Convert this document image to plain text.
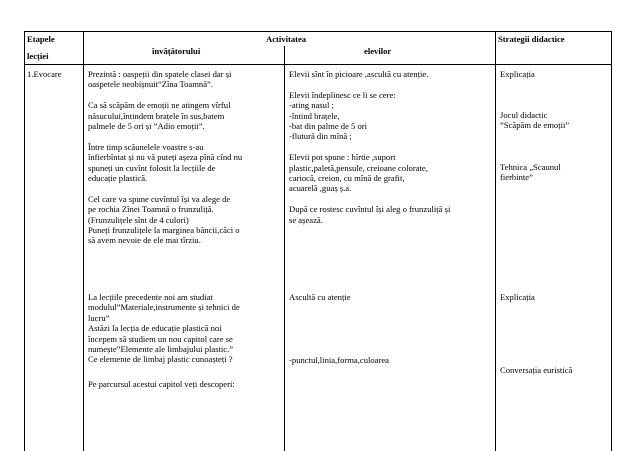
Etapele
lecției
Activitatea
învățătorului	elevilor
Strategii didactice
1.Evocare	Prezintă : oaspeții din spatele clasei dar și
oaspetele neobișnuit”Zîna Toamnă”.
Ca să scăpăm de emoții ne atingem vîrful
năsucului,întindem brațele în sus,batem
palmele de 5 ori și ”Adio emoții”.
Între timp scăunelele voastre s-au
înfierbîntat și nu vă puteți așeza pînă cînd nu
spuneți un cuvînt folosit la lecțiile de
educație plastică.
Cel care va spune cuvîntul își va alege de
pe rochia Zînei Toamnă o frunzuliță.
(Frunzulițele sînt de 4 culori)
Puneți frunzulițele la marginea băncii,căci o
să avem nevoie de ele mai tîrziu.
La lecțiile precedente noi am studiat
modulul”Materiale,instrumente și tehnici de
lucru”
Astăzi la lecția de educație plastică noi
începem să studiem un nou capitol care se
numește”Elemente ale limbajului plastic.”
Ce elemente de limbaj plastic cunoașteți ?
Pe parcursul acestui capitol veți descoperi:
Elevii sînt în picioare ,ascultă cu atenție.
Elevii îndeplinesc ce li se cere:
-ating nasul ;
-întind brațele,
-bat din palme de 5 ori
-flutură din mînă ;
Elevii pot spune : hîrtie ,suport
plastic,paletă,pensule, creioane colorate,
cariocă, creion, cu mînă de grafit,
acuarelă ,guaș ș.a.
După ce rostesc cuvîntul își aleg o frunzuliță și
se așează.
Ascultă cu atenție
-punctul,linia,forma,culoarea
Explicația
Jocul didactic
”Scăpăm de emoții”
Tehnica „Scaunul
fierbinte”
Explicația
Conversația euristică
